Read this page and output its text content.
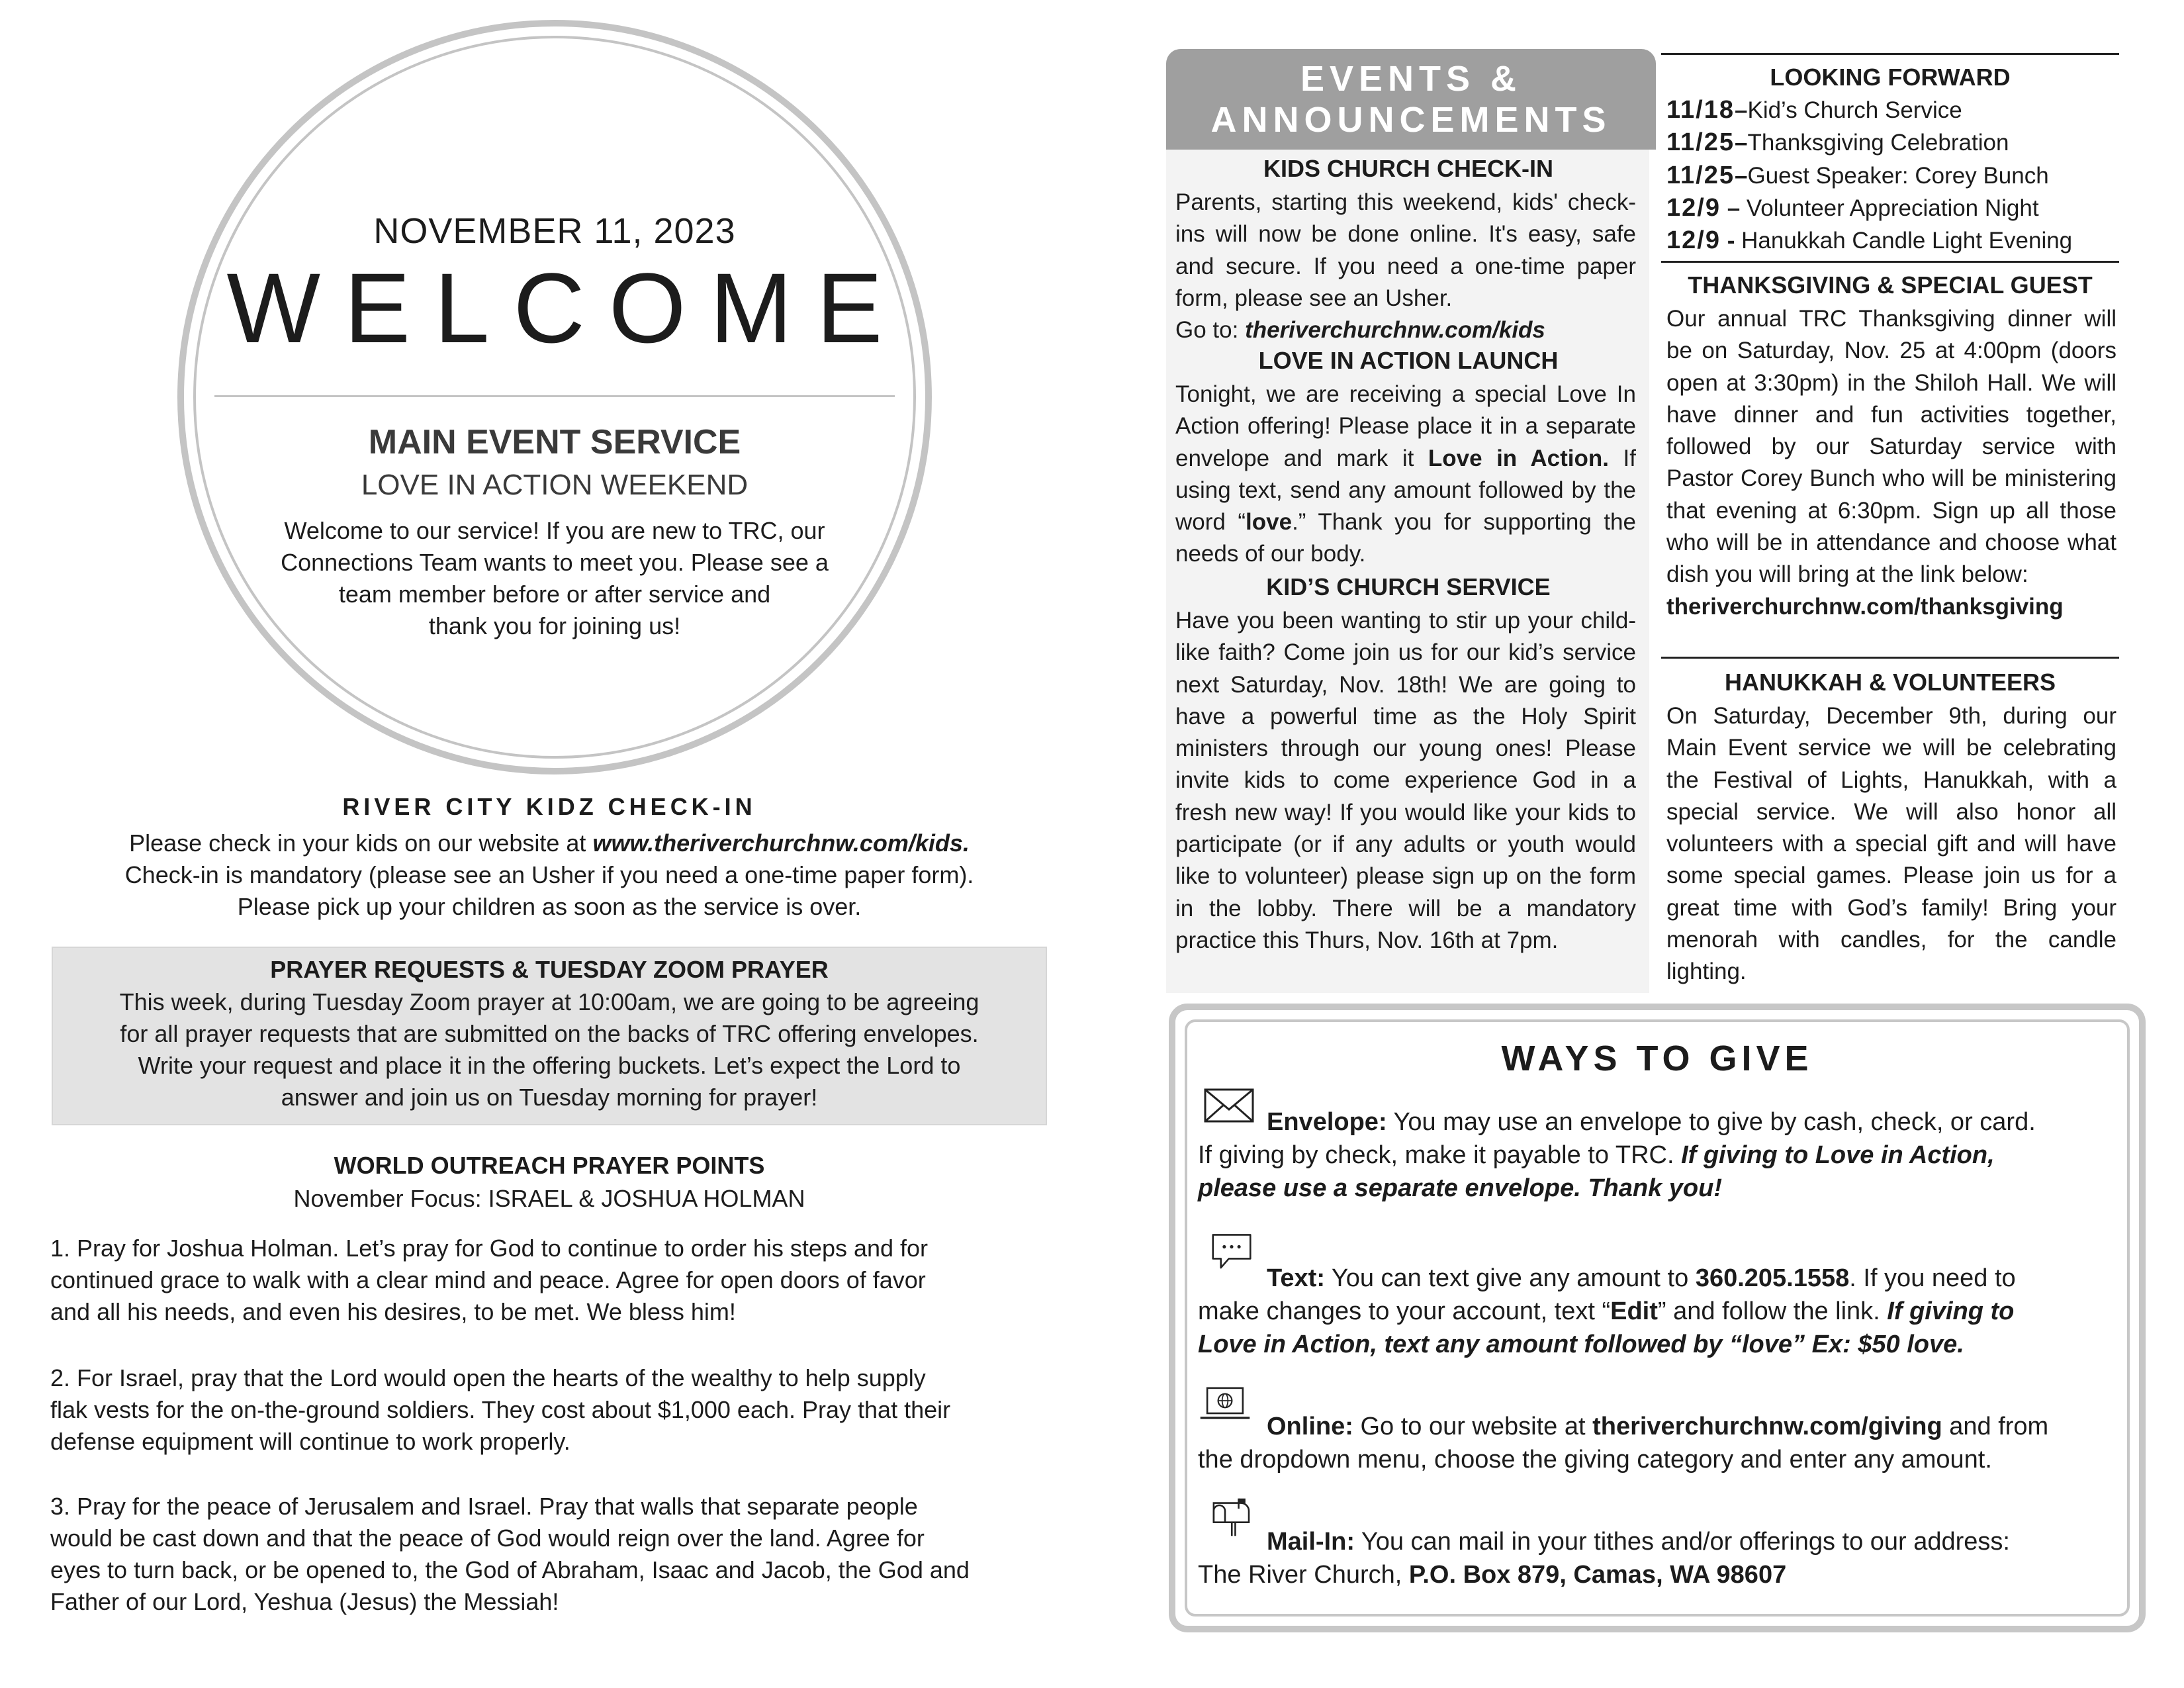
NOVEMBER 11, 2023
WELCOME
MAIN EVENT SERVICE
LOVE IN ACTION WEEKEND
Welcome to our service! If you are new to TRC, our
Connections Team wants to meet you. Please see a
team member before or after service and
thank you for joining us!
RIVER CITY KIDZ CHECK-IN
Please check in your kids on our website at www.theriverchurchnw.com/kids.
Check-in is mandatory (please see an Usher if you need a one-time paper form).
Please pick up your children as soon as the service is over.
PRAYER REQUESTS & TUESDAY ZOOM PRAYER
This week, during Tuesday Zoom prayer at 10:00am, we are going to be agreeing
for all prayer requests that are submitted on the backs of TRC offering envelopes.
Write your request and place it in the offering buckets. Let’s expect the Lord to
answer and join us on Tuesday morning for prayer!
WORLD OUTREACH PRAYER POINTS
November Focus: ISRAEL & JOSHUA HOLMAN
1. Pray for Joshua Holman. Let’s pray for God to continue to order his steps and for
continued grace to walk with a clear mind and peace. Agree for open doors of favor
and all his needs, and even his desires, to be met. We bless him!
2. For Israel, pray that the Lord would open the hearts of the wealthy to help supply
flak vests for the on-the-ground soldiers. They cost about $1,000 each. Pray that their
defense equipment will continue to work properly.
3. Pray for the peace of Jerusalem and Israel. Pray that walls that separate people
would be cast down and that the peace of God would reign over the land. Agree for
eyes to turn back, or be opened to, the God of Abraham, Isaac and Jacob, the God and
Father of our Lord, Yeshua (Jesus) the Messiah!
EVENTS &
ANNOUNCEMENTS
KIDS CHURCH CHECK-IN
Parents, starting this weekend, kids' check-ins will now be done online. It's easy, safe and secure. If you need a one-time paper form, please see an Usher.
Go to: theriverchurchnw.com/kids
LOVE IN ACTION LAUNCH
Tonight, we are receiving a special Love In Action offering! Please place it in a separate envelope and mark it Love in Action. If using text, send any amount followed by the word “love.” Thank you for supporting the needs of our body.
KID’S CHURCH SERVICE
Have you been wanting to stir up your child-like faith? Come join us for our kid’s service next Saturday, Nov. 18th! We are going to have a powerful time as the Holy Spirit ministers through our young ones! Please invite kids to come experience God in a fresh new way! If you would like your kids to participate (or if any adults or youth would like to volunteer) please sign up on the form in the lobby. There will be a mandatory practice this Thurs, Nov. 16th at 7pm.
LOOKING FORWARD
11/18–Kid’s Church Service
11/25–Thanksgiving Celebration
11/25–Guest Speaker: Corey Bunch
12/9 – Volunteer Appreciation Night
12/9 - Hanukkah Candle Light Evening
THANKSGIVING & SPECIAL GUEST
Our annual TRC Thanksgiving dinner will be on Saturday, Nov. 25 at 4:00pm (doors open at 3:30pm) in the Shiloh Hall. We will have dinner and fun activities together, followed by our Saturday service with Pastor Corey Bunch who will be ministering that evening at 6:30pm. Sign up all those who will be in attendance and choose what dish you will bring at the link below:
theriverchurchnw.com/thanksgiving
HANUKKAH & VOLUNTEERS
On Saturday, December 9th, during our Main Event service we will be celebrating the Festival of Lights, Hanukkah, with a special service. We will also honor all volunteers with a special gift and will have some special games. Please join us for a great time with God’s family! Bring your menorah with candles, for the candle lighting.
WAYS TO GIVE
Envelope: You may use an envelope to give by cash, check, or card.
If giving by check, make it payable to TRC. If giving to Love in Action,
please use a separate envelope. Thank you!
Text: You can text give any amount to 360.205.1558. If you need to
make changes to your account, text “Edit” and follow the link. If giving to
Love in Action, text any amount followed by “love” Ex: $50 love.
Online: Go to our website at theriverchurchnw.com/giving and from
the dropdown menu, choose the giving category and enter any amount.
Mail-In: You can mail in your tithes and/or offerings to our address:
The River Church, P.O. Box 879, Camas, WA 98607
